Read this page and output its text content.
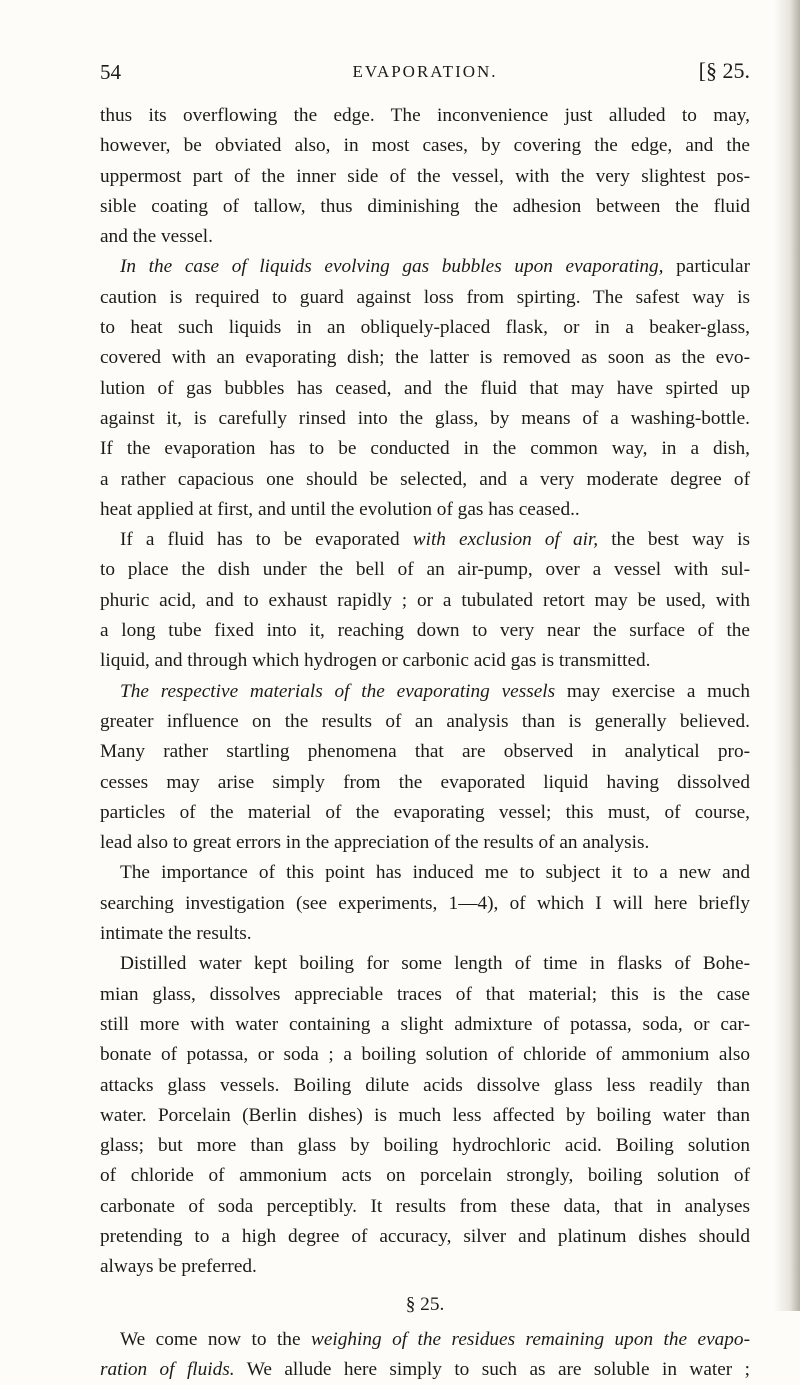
54	EVAPORATION.	[§ 25.
thus its overflowing the edge. The inconvenience just alluded to may,
however, be obviated also, in most cases, by covering the edge, and the
uppermost part of the inner side of the vessel, with the very slightest pos-
sible coating of tallow, thus diminishing the adhesion between the fluid
and the vessel.
In the case of liquids evolving gas bubbles upon evaporating, particular
caution is required to guard against loss from spirting. The safest way is
to heat such liquids in an obliquely-placed flask, or in a beaker-glass,
covered with an evaporating dish; the latter is removed as soon as the evo-
lution of gas bubbles has ceased, and the fluid that may have spirted up
against it, is carefully rinsed into the glass, by means of a washing-bottle.
If the evaporation has to be conducted in the common way, in a dish,
a rather capacious one should be selected, and a very moderate degree of
heat applied at first, and until the evolution of gas has ceased..
If a fluid has to be evaporated with exclusion of air, the best way is
to place the dish under the bell of an air-pump, over a vessel with sul-
phuric acid, and to exhaust rapidly ; or a tubulated retort may be used, with
a long tube fixed into it, reaching down to very near the surface of the
liquid, and through which hydrogen or carbonic acid gas is transmitted.
The respective materials of the evaporating vessels may exercise a much
greater influence on the results of an analysis than is generally believed.
Many rather startling phenomena that are observed in analytical pro-
cesses may arise simply from the evaporated liquid having dissolved
particles of the material of the evaporating vessel; this must, of course,
lead also to great errors in the appreciation of the results of an analysis.
The importance of this point has induced me to subject it to a new and
searching investigation (see experiments, 1—4), of which I will here briefly
intimate the results.
Distilled water kept boiling for some length of time in flasks of Bohe-
mian glass, dissolves appreciable traces of that material; this is the case
still more with water containing a slight admixture of potassa, soda, or car-
bonate of potassa, or soda ; a boiling solution of chloride of ammonium also
attacks glass vessels. Boiling dilute acids dissolve glass less readily than
water. Porcelain (Berlin dishes) is much less affected by boiling water than
glass; but more than glass by boiling hydrochloric acid. Boiling solution
of chloride of ammonium acts on porcelain strongly, boiling solution of
carbonate of soda perceptibly. It results from these data, that in analyses
pretending to a high degree of accuracy, silver and platinum dishes should
always be preferred.
§ 25.
We come now to the weighing of the residues remaining upon the evapo-
ration of fluids. We allude here simply to such as are soluble in water ;
